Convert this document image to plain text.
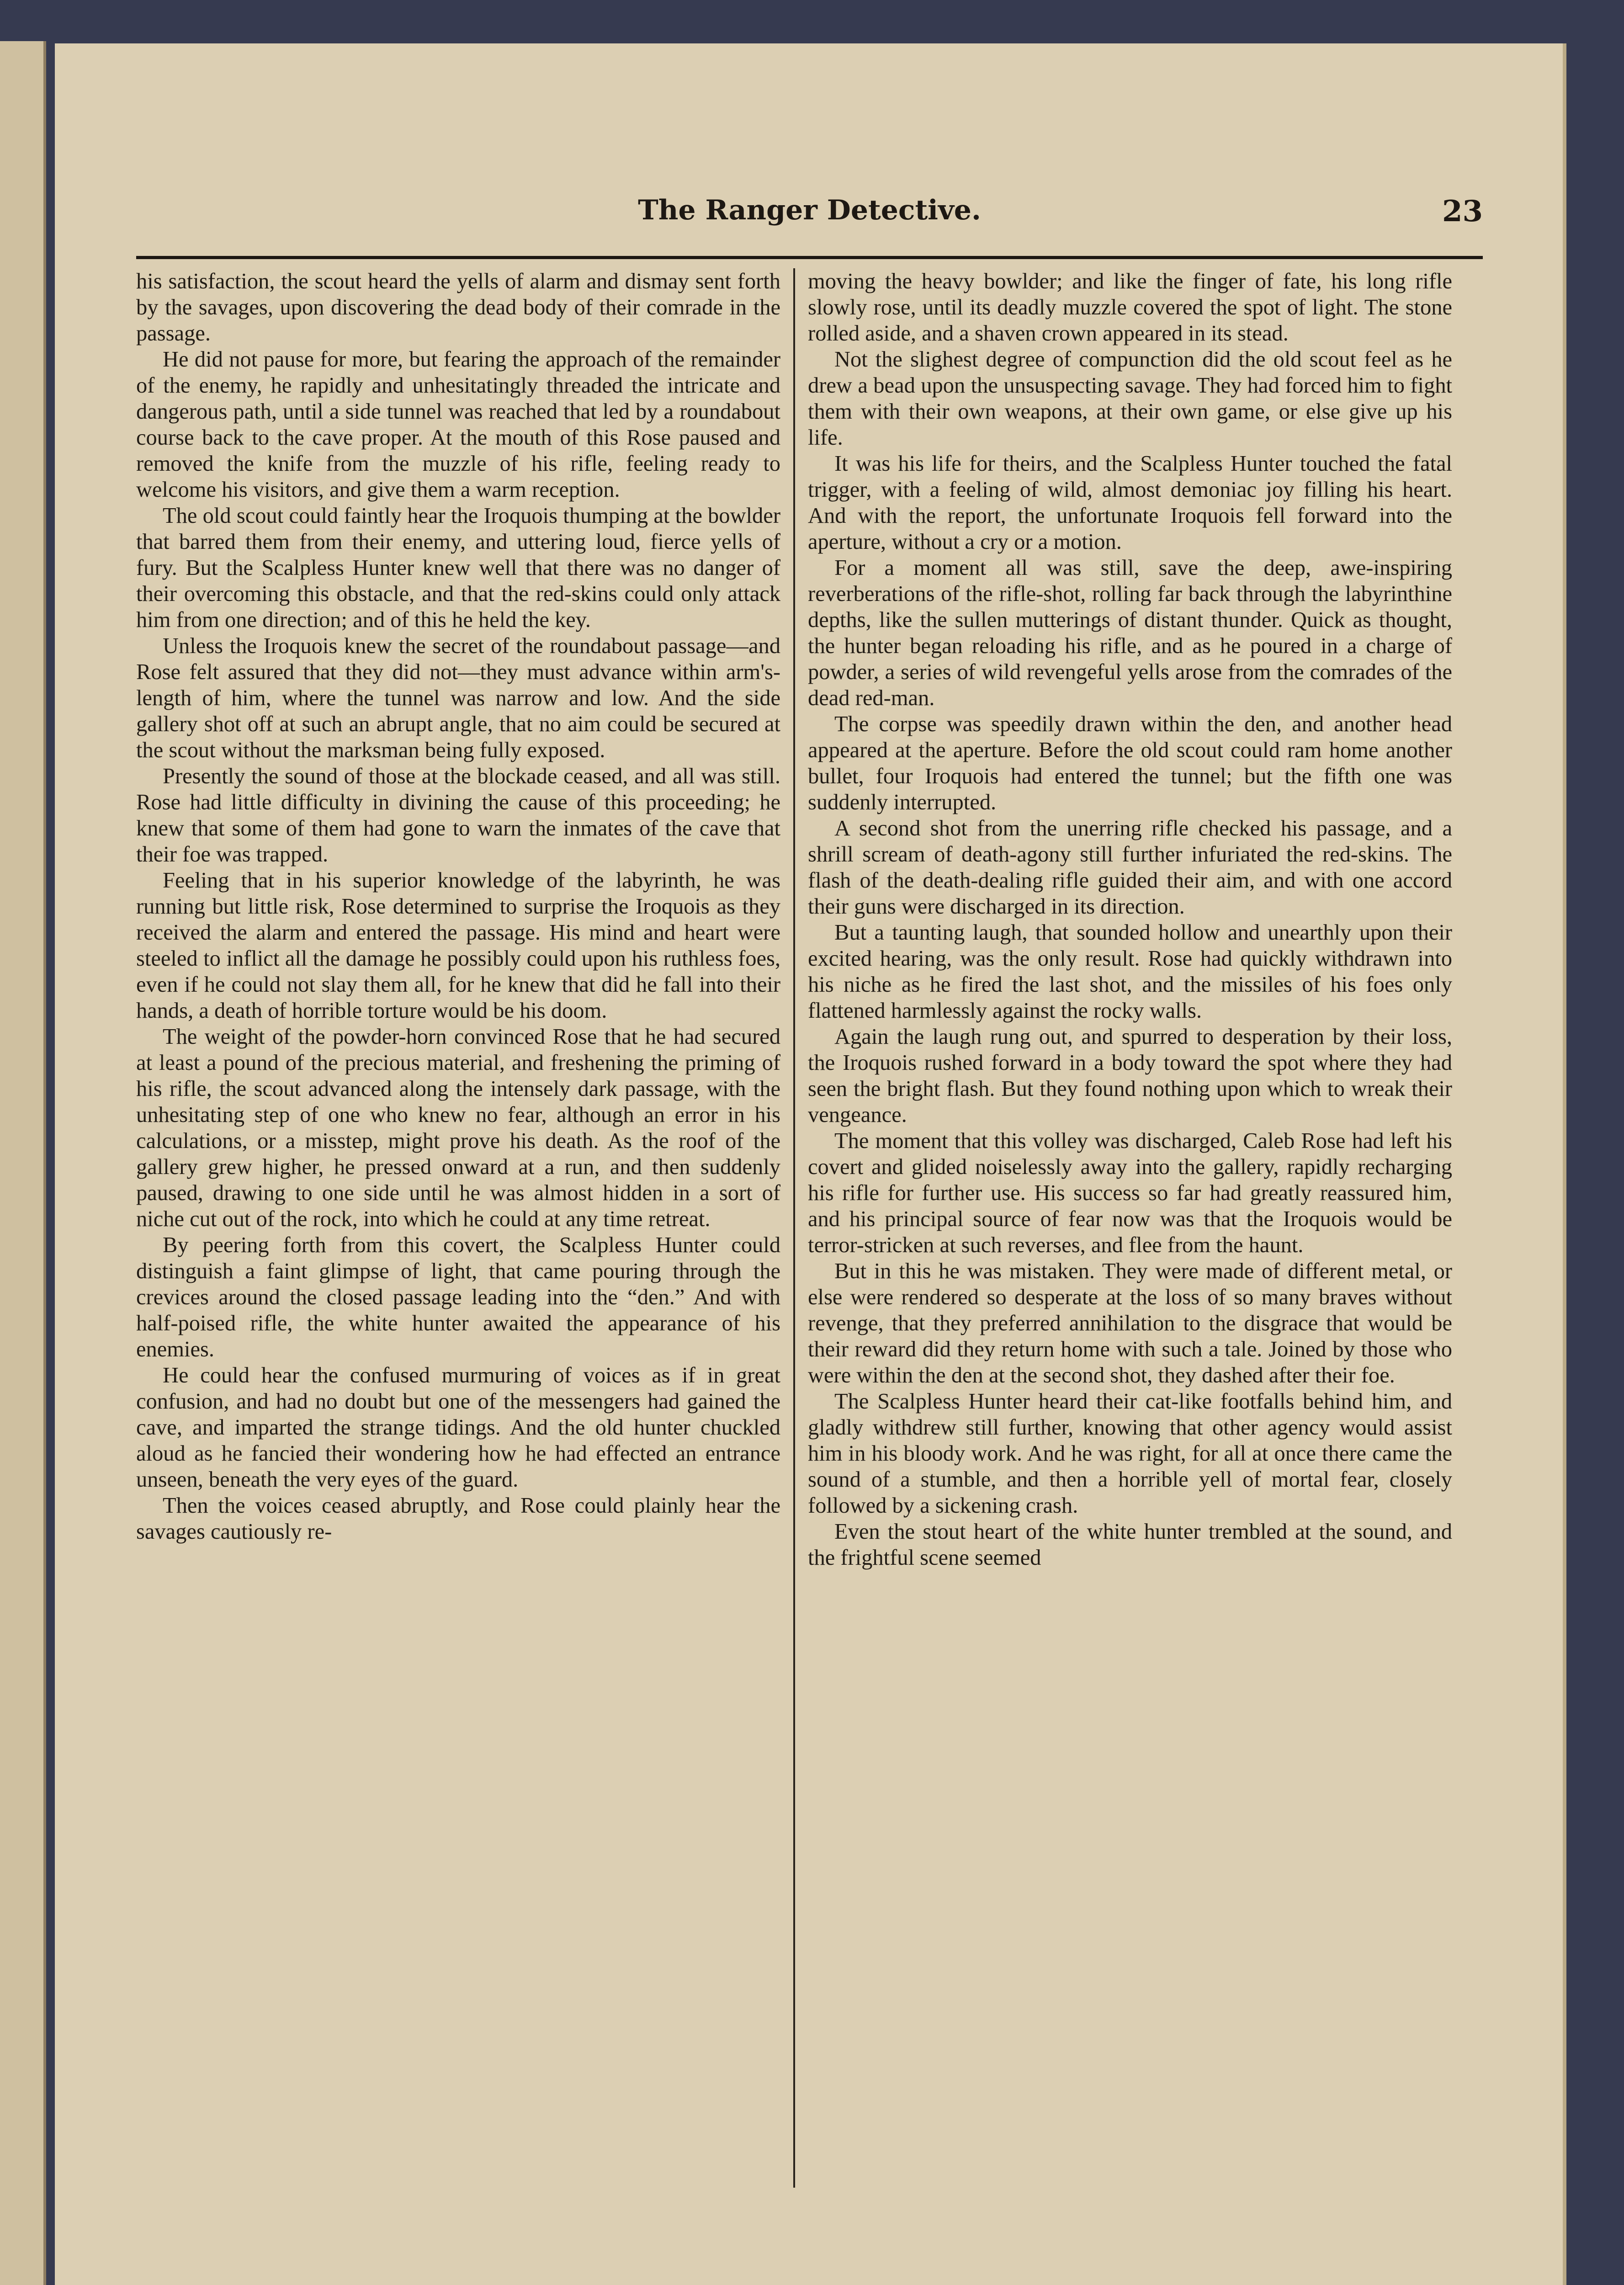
The Ranger Detective.	23

his satisfaction, the scout heard the yells of alarm and dismay sent forth by the savages, upon discovering the dead body of their comrade in the passage.

He did not pause for more, but fearing the approach of the remainder of the enemy, he rapidly and unhesitatingly threaded the intricate and dangerous path, until a side tunnel was reached that led by a roundabout course back to the cave proper. At the mouth of this Rose paused and removed the knife from the muzzle of his rifle, feeling ready to welcome his visitors, and give them a warm reception.

The old scout could faintly hear the Iroquois thumping at the bowlder that barred them from their enemy, and uttering loud, fierce yells of fury. But the Scalpless Hunter knew well that there was no danger of their overcoming this obstacle, and that the red-skins could only attack him from one direction; and of this he held the key.

Unless the Iroquois knew the secret of the roundabout passage—and Rose felt assured that they did not—they must advance within arm's-length of him, where the tunnel was narrow and low. And the side gallery shot off at such an abrupt angle, that no aim could be secured at the scout without the marksman being fully exposed.

Presently the sound of those at the blockade ceased, and all was still. Rose had little difficulty in divining the cause of this proceeding; he knew that some of them had gone to warn the inmates of the cave that their foe was trapped.

Feeling that in his superior knowledge of the labyrinth, he was running but little risk, Rose determined to surprise the Iroquois as they received the alarm and entered the passage. His mind and heart were steeled to inflict all the damage he possibly could upon his ruthless foes, even if he could not slay them all, for he knew that did he fall into their hands, a death of horrible torture would be his doom.

The weight of the powder-horn convinced Rose that he had secured at least a pound of the precious material, and freshening the priming of his rifle, the scout advanced along the intensely dark passage, with the unhesitating step of one who knew no fear, although an error in his calculations, or a misstep, might prove his death. As the roof of the gallery grew higher, he pressed onward at a run, and then suddenly paused, drawing to one side until he was almost hidden in a sort of niche cut out of the rock, into which he could at any time retreat.

By peering forth from this covert, the Scalpless Hunter could distinguish a faint glimpse of light, that came pouring through the crevices around the closed passage leading into the “den.” And with half-poised rifle, the white hunter awaited the appearance of his enemies.

He could hear the confused murmuring of voices as if in great confusion, and had no doubt but one of the messengers had gained the cave, and imparted the strange tidings. And the old hunter chuckled aloud as he fancied their wondering how he had effected an entrance unseen, beneath the very eyes of the guard.

Then the voices ceased abruptly, and Rose could plainly hear the savages cautiously re-

moving the heavy bowlder; and like the finger of fate, his long rifle slowly rose, until its deadly muzzle covered the spot of light. The stone rolled aside, and a shaven crown appeared in its stead.

Not the slighest degree of compunction did the old scout feel as he drew a bead upon the unsuspecting savage. They had forced him to fight them with their own weapons, at their own game, or else give up his life.

It was his life for theirs, and the Scalpless Hunter touched the fatal trigger, with a feeling of wild, almost demoniac joy filling his heart. And with the report, the unfortunate Iroquois fell forward into the aperture, without a cry or a motion.

For a moment all was still, save the deep, awe-inspiring reverberations of the rifle-shot, rolling far back through the labyrinthine depths, like the sullen mutterings of distant thunder. Quick as thought, the hunter began reloading his rifle, and as he poured in a charge of powder, a series of wild revengeful yells arose from the comrades of the dead red-man.

The corpse was speedily drawn within the den, and another head appeared at the aperture. Before the old scout could ram home another bullet, four Iroquois had entered the tunnel; but the fifth one was suddenly interrupted.

A second shot from the unerring rifle checked his passage, and a shrill scream of death-agony still further infuriated the red-skins. The flash of the death-dealing rifle guided their aim, and with one accord their guns were discharged in its direction.

But a taunting laugh, that sounded hollow and unearthly upon their excited hearing, was the only result. Rose had quickly withdrawn into his niche as he fired the last shot, and the missiles of his foes only flattened harmlessly against the rocky walls.

Again the laugh rung out, and spurred to desperation by their loss, the Iroquois rushed forward in a body toward the spot where they had seen the bright flash. But they found nothing upon which to wreak their vengeance.

The moment that this volley was discharged, Caleb Rose had left his covert and glided noiselessly away into the gallery, rapidly recharging his rifle for further use. His success so far had greatly reassured him, and his principal source of fear now was that the Iroquois would be terror-stricken at such reverses, and flee from the haunt.

But in this he was mistaken. They were made of different metal, or else were rendered so desperate at the loss of so many braves without revenge, that they preferred annihilation to the disgrace that would be their reward did they return home with such a tale. Joined by those who were within the den at the second shot, they dashed after their foe.

The Scalpless Hunter heard their cat-like footfalls behind him, and gladly withdrew still further, knowing that other agency would assist him in his bloody work. And he was right, for all at once there came the sound of a stumble, and then a horrible yell of mortal fear, closely followed by a sickening crash.

Even the stout heart of the white hunter trembled at the sound, and the frightful scene seemed
